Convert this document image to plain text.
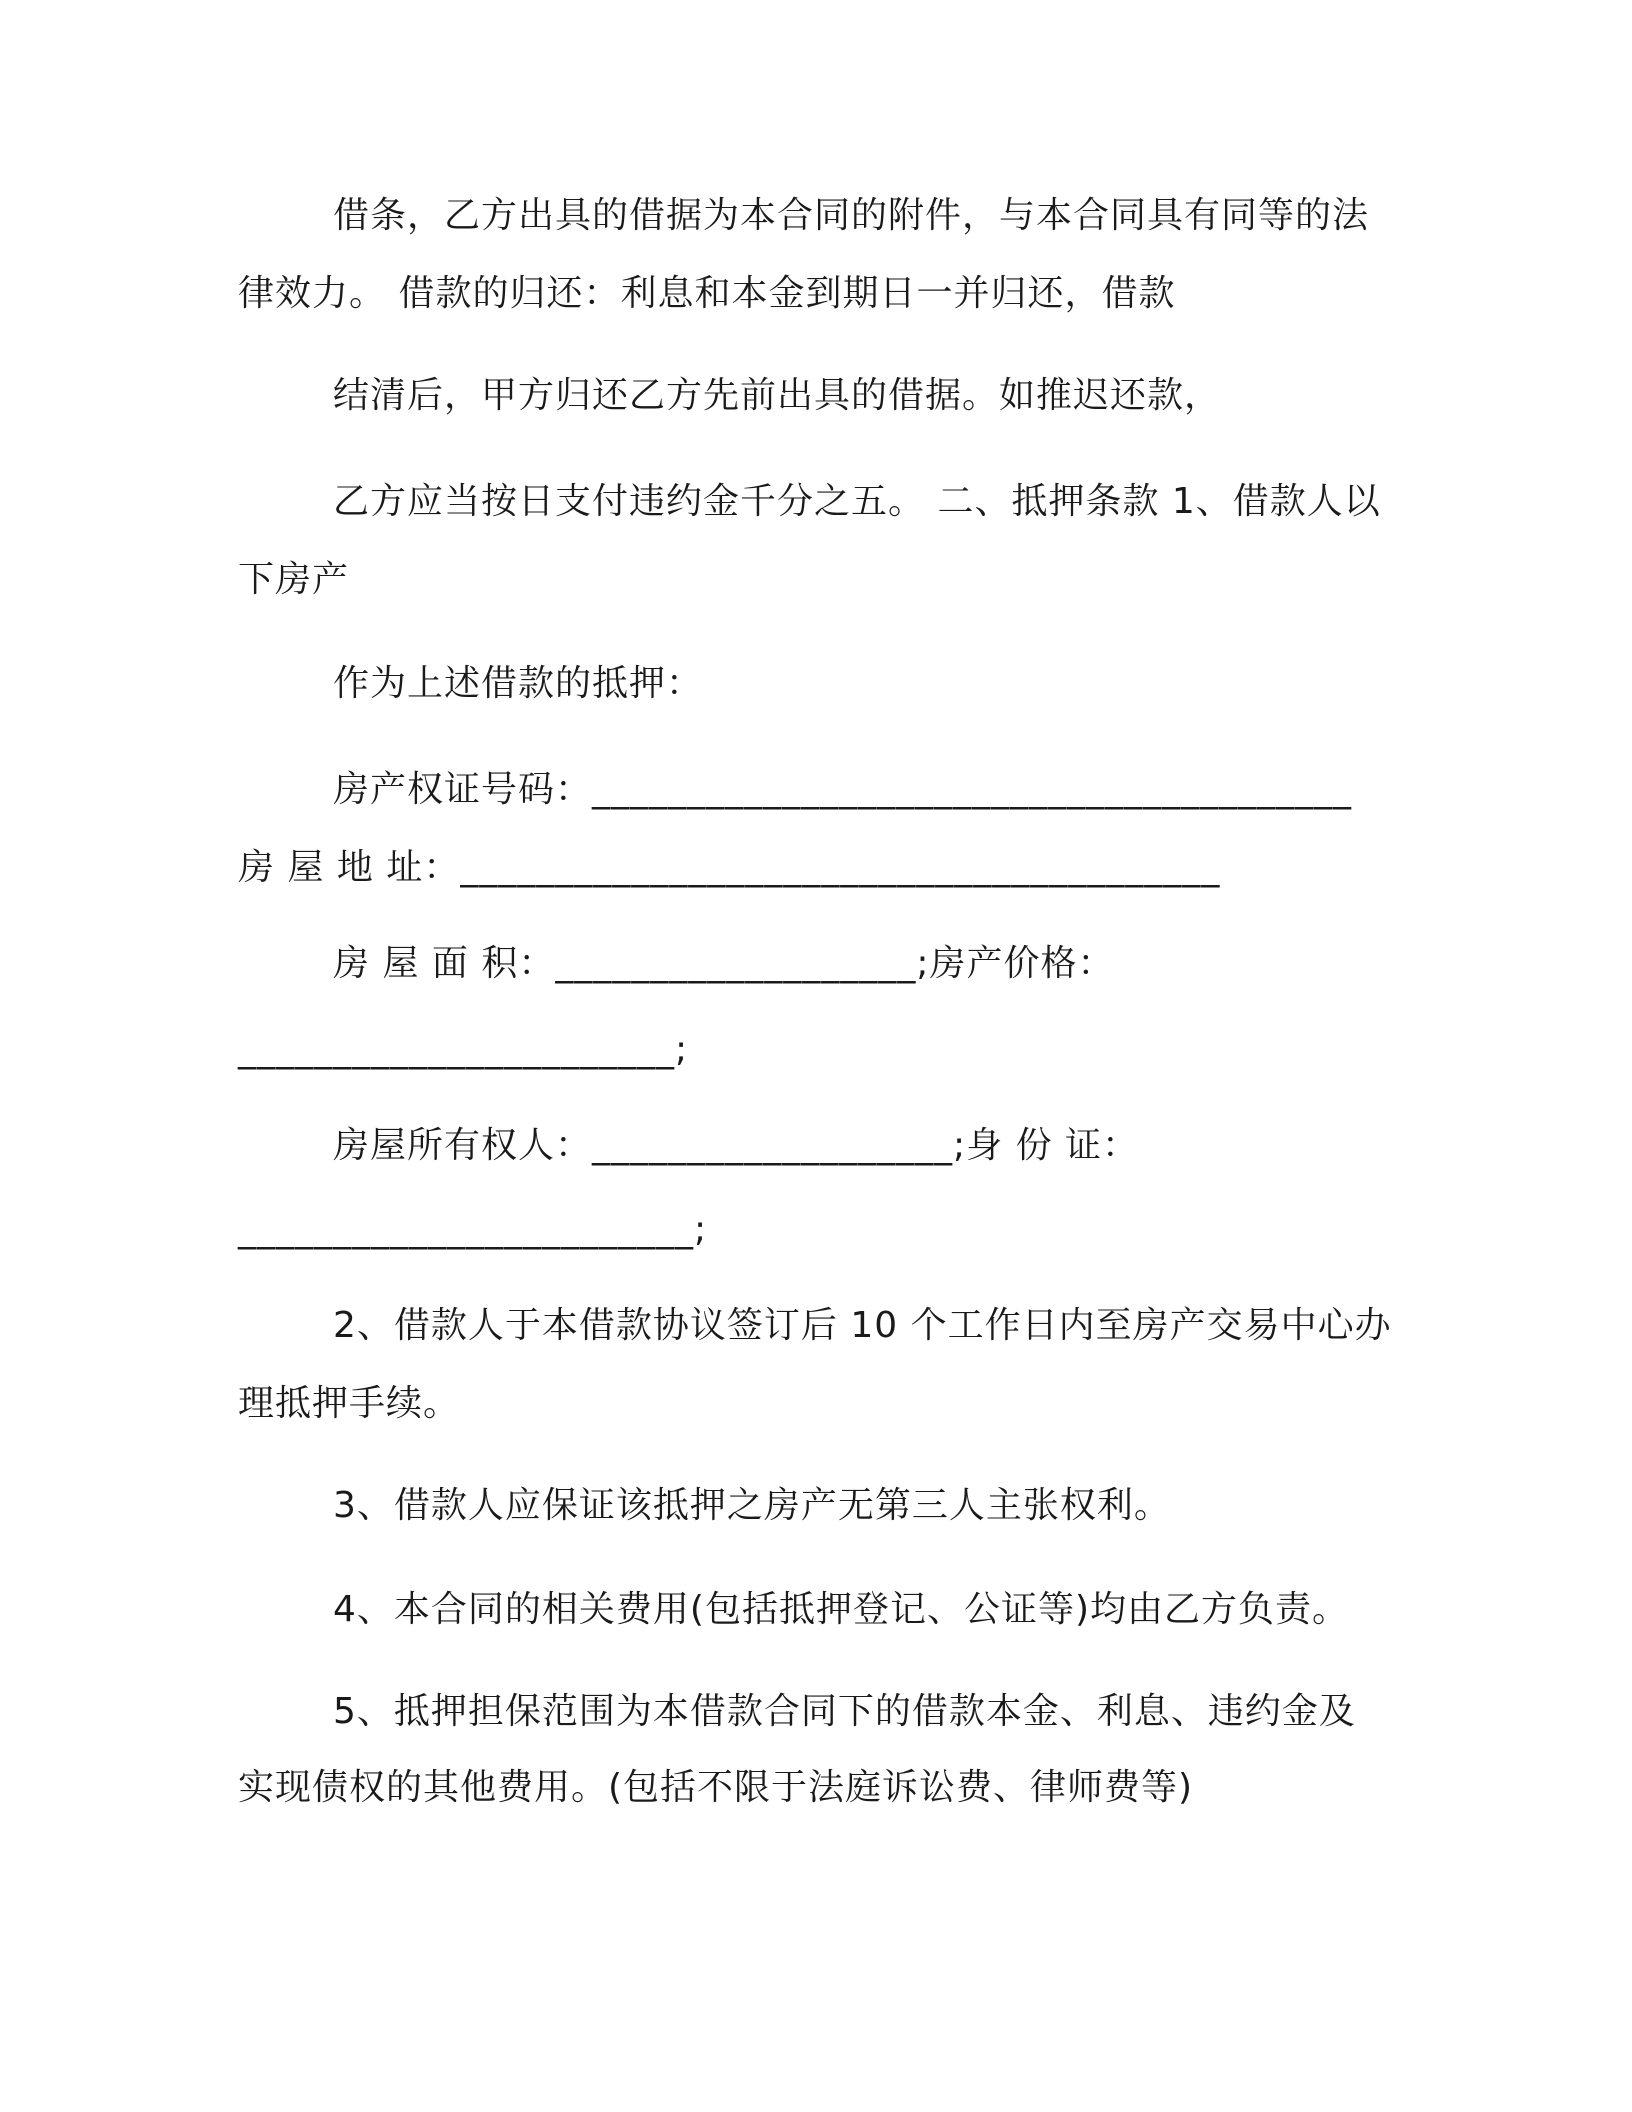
借条，乙方出具的借据为本合同的附件，与本合同具有同等的法
律效力。 借款的归还：利息和本金到期日一并归还，借款
结清后，甲方归还乙方先前出具的借据。如推迟还款，
乙方应当按日支付违约金千分之五。 二、抵押条款 1、借款人以
下房产
作为上述借款的抵押：
房产权证号码：________________________________________
房 屋 地 址：________________________________________
房 屋 面 积：___________________;房产价格：
_______________________;
房屋所有权人：___________________;身 份 证：
________________________;
2、借款人于本借款协议签订后 10 个工作日内至房产交易中心办
理抵押手续。
3、借款人应保证该抵押之房产无第三人主张权利。
4、本合同的相关费用(包括抵押登记、公证等)均由乙方负责。
5、抵押担保范围为本借款合同下的借款本金、利息、违约金及
实现债权的其他费用。(包括不限于法庭诉讼费、律师费等)
